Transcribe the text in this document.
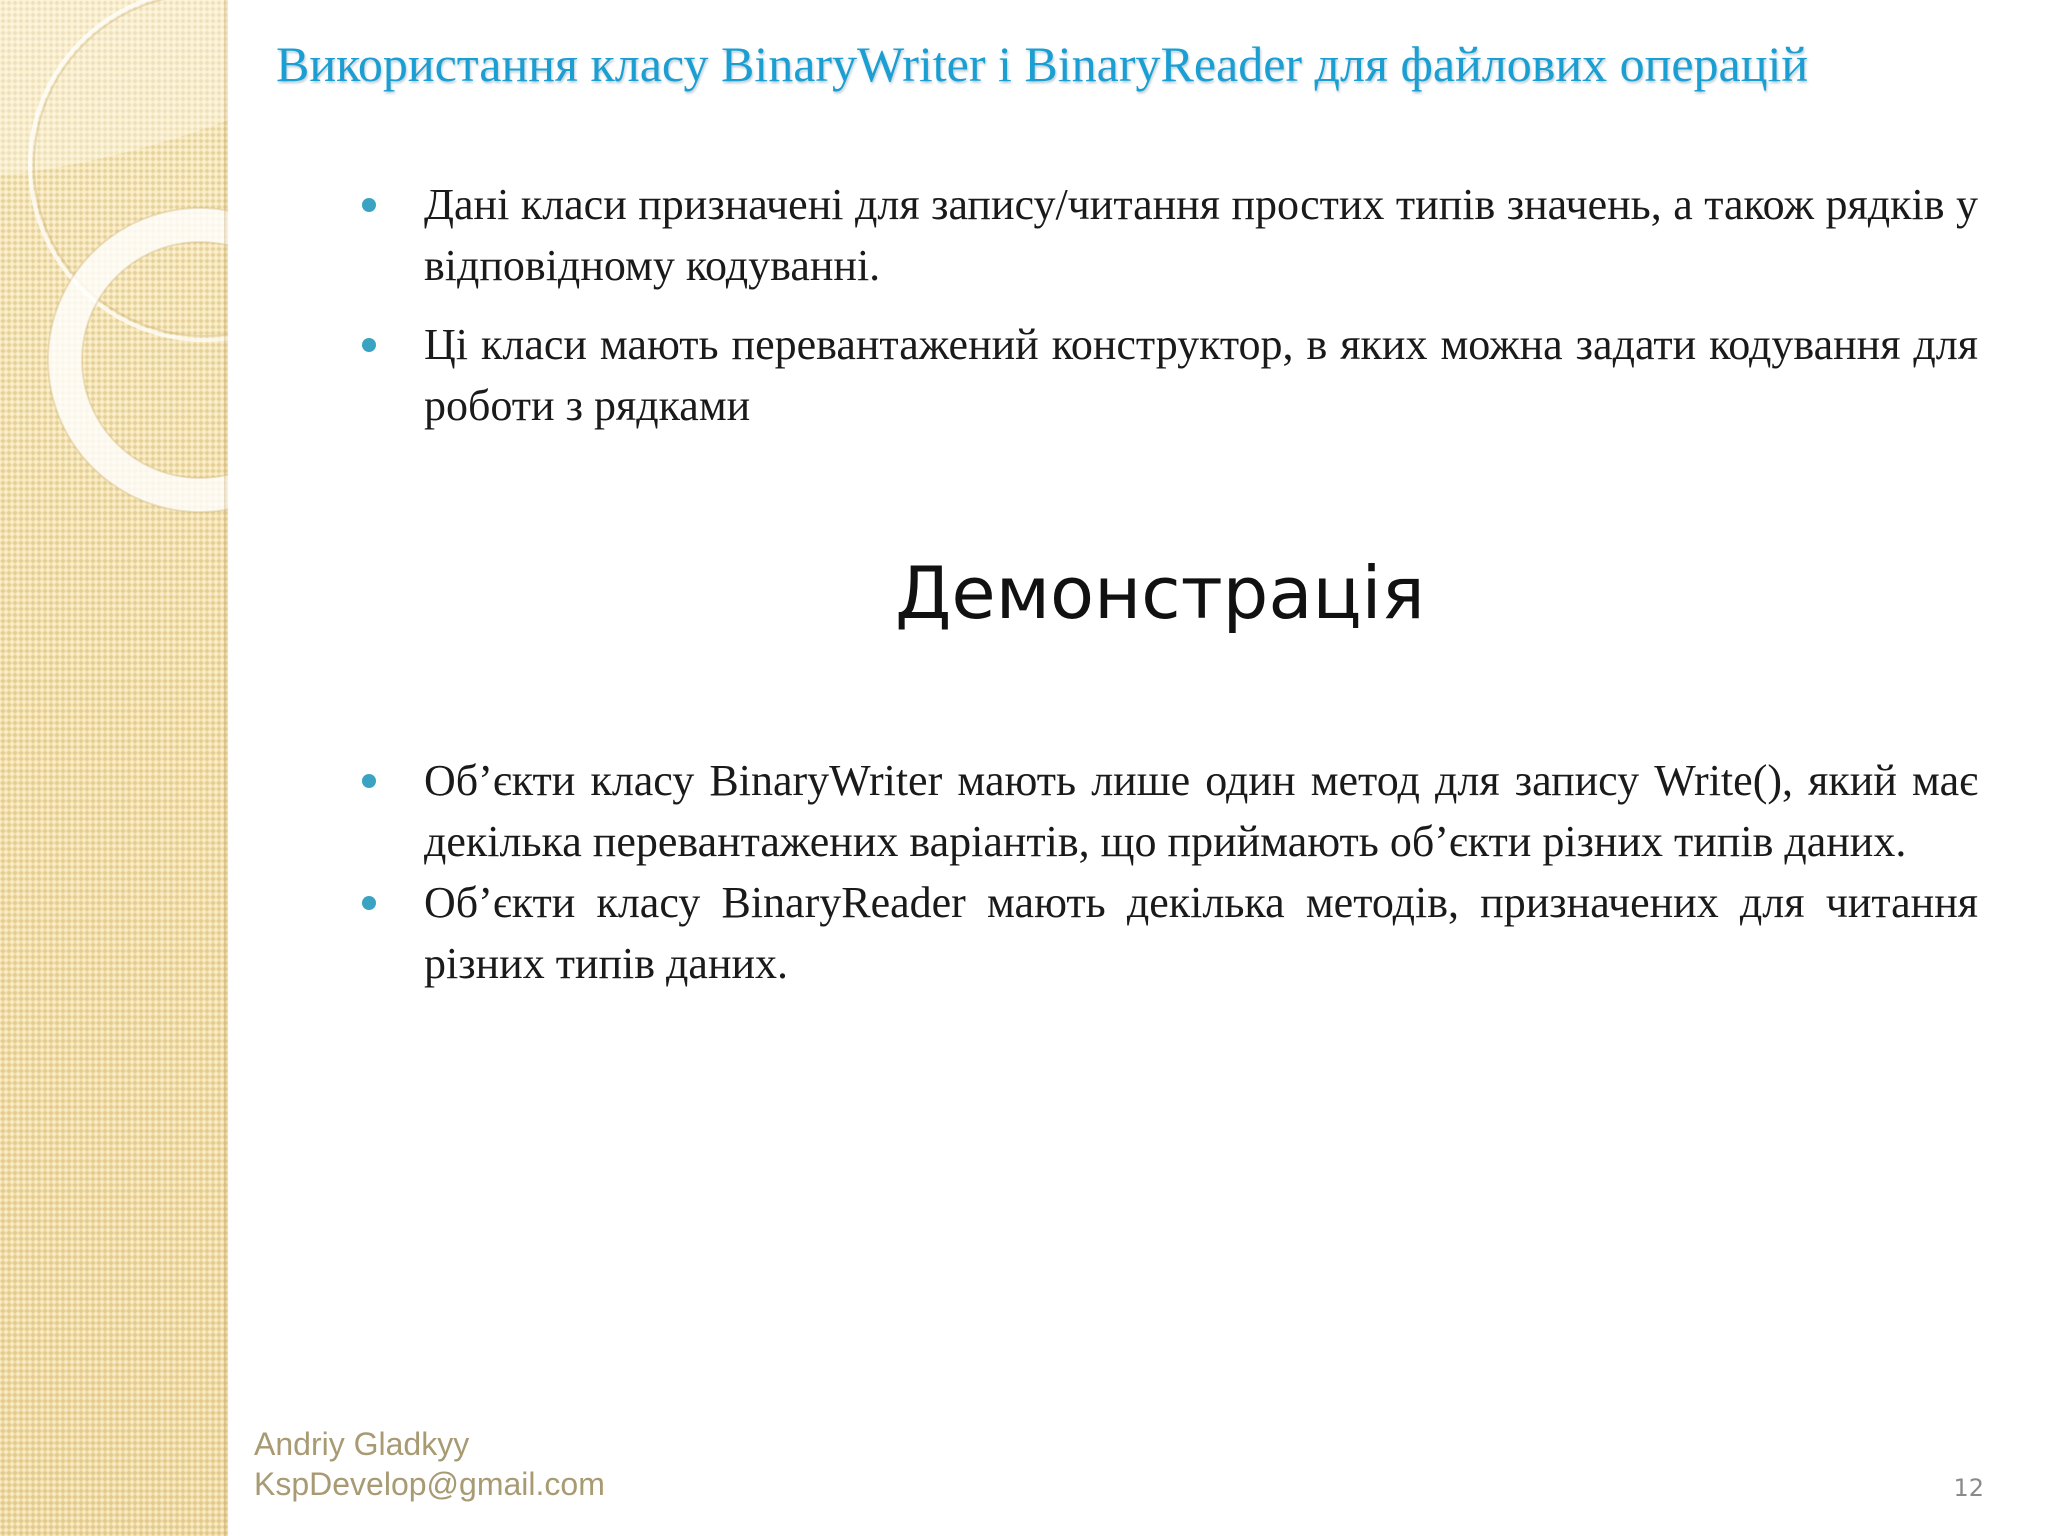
Використання класу BinaryWriter і BinaryReader для файлових операцій
Дані класи призначені для запису/читання простих типів значень, а також рядків у відповідному кодуванні.
Ці класи мають перевантажений конструктор, в яких можна задати кодування для роботи з рядками
Демонстрація
Об’єкти класу BinaryWriter мають лише один метод для запису Write(), який має декілька перевантажених варіантів, що приймають об’єкти різних типів даних.
Об’єкти класу BinaryReader мають декілька методів, призначених для читання різних типів даних.
Andriy Gladkyy
KspDevelop@gmail.com	12
